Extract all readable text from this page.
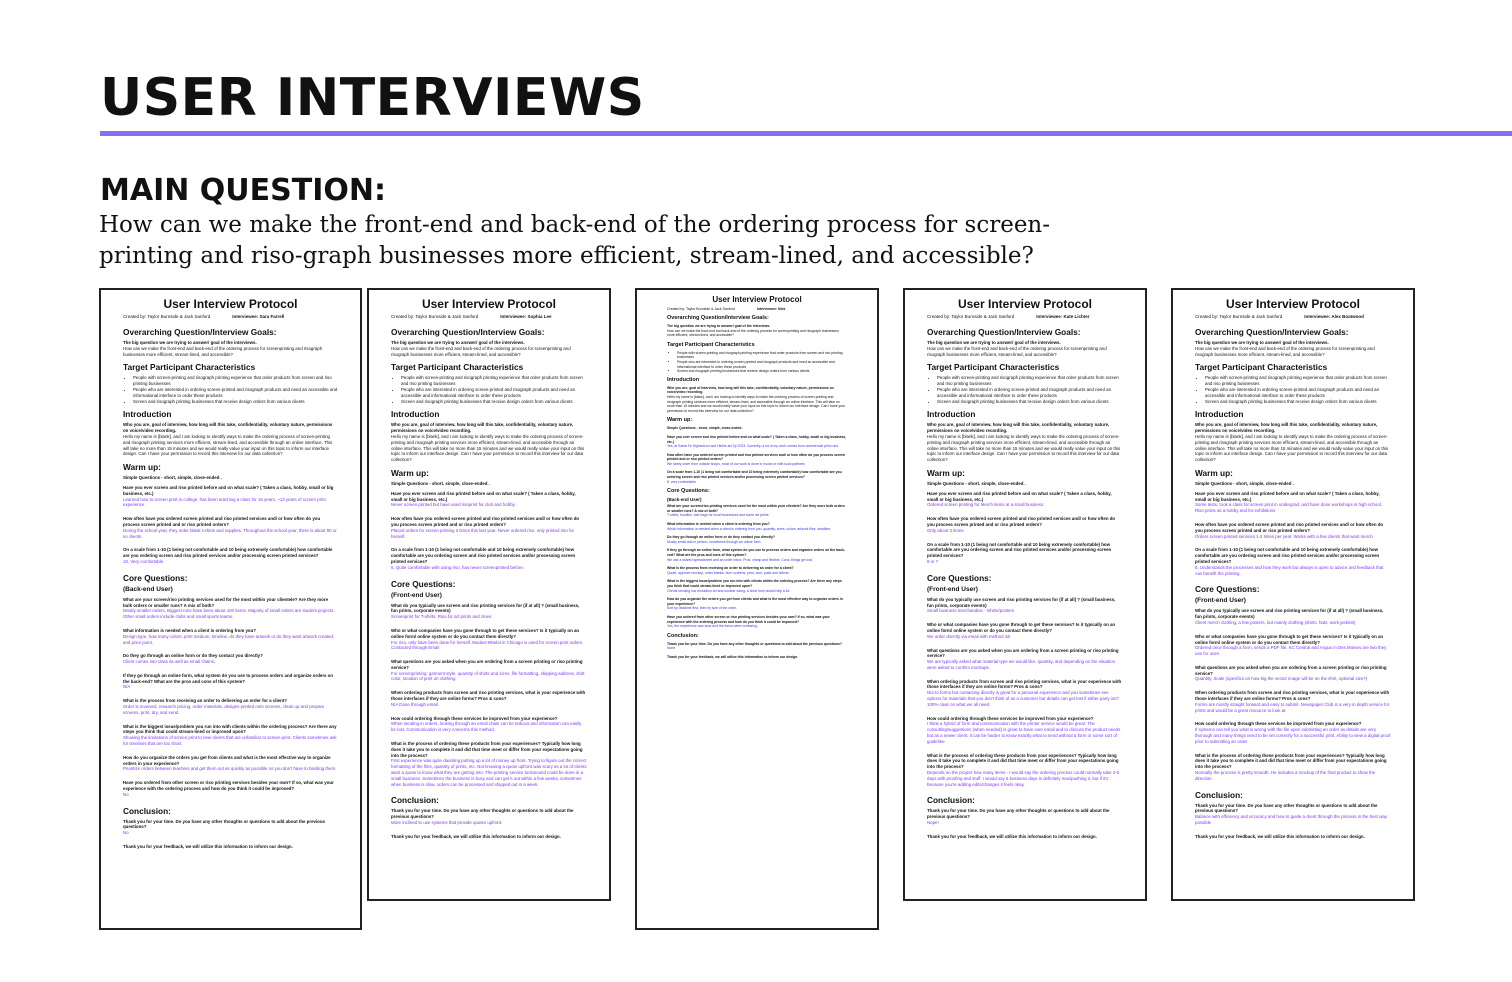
USER INTERVIEWS
MAIN QUESTION:

How can we make the front-end and back-end of the ordering process for screen-printing and riso-graph businesses more efficient, stream-lined, and accessible?

User Interview Protocol

Created by: Taylor Burnside & Jack Sanford	Interviewee: Sara Farrell

Overarching Question/Interview Goals:

The big question we are trying to answer/ goal of the interviews.

How can we make the front-end and back-end of the ordering process for screenprinting and risograph businesses more efficient, stream-lined, and accessible?

Target Participant Characteristics

• People with screen-printing and risograph printing experience that order products from screen and riso printing businesses
• People who are interested in ordering screen-printed and risograph products and need an accessible and informational interface to order these products
• Screen and risograph printing businesses that receive design orders from various clients

Introduction

Who you are, goal of interview, how long will this take, confidentiality, voluntary nature, permissions on voice/video recording.

Hello my name is [blank], and I am looking to identify ways to make the ordering process of screen-printing and risograph printing services more efficient, stream-lined, and accessible through an online interface. This will take no more than 15 minutes and we would really value your input on this topic to inform our interface design. Can I have your permission to record this interview for our data collection?

Warm up:

Simple Questions - short, simple, close-ended .

Have you ever screen and riso printed before and on what scale? ( Taken a class, hobby, small or big business, etc.)

Learned how to screen print in college. has been teaching a class for 15 years, ~13 years of screen print experience

How often have you ordered screen printed and riso printed services and/ or how often do you process screen printed and or riso printed orders?

During the school year, they order blank t-shirts and supplies. Throughout the school year, there is about 80 or so clients

On a scale from 1-10 (1 being not comfortable and 10 being extremely comfortable) how comfortable are you ordering screen and riso printed services and/or processing screen printed services?

10, Very comfortable

Core Questions:

(Back-end User)

What are your screen/riso printing services used for the most within your clientele? Are they more bulk orders or smaller runs? A mix of both?

Mostly smaller orders, Biggest runs have been about 100 items. Majority of small orders are student projects. Other small orders include clubs and small sports teams.

What information is needed when a client is ordering from you?

Design type, how many colors, print medium, timeline, do they have artwork or do they want artwork created, and price point.

Do they go through an online form or do they contact you directly?

Client comes into class as well as email chains.

If they go through an online form, what system do you use to process orders and organize orders on the back-end? What are the pros and cons of this system?

N/A

What is the process from receiving an order to delivering an order for a client?

Order is received, research pricing, order materials, designs printed onto screens, clean up and prepare screens, print, dry, and send.

What is the biggest issue/problem you run into with clients within the ordering process? Are there any steps you think that could stream-lined or improved upon?

Showing the limitations of screen print to new clients that are unfamiliar to screen print. Clients sometimes ask for timelines that are too short.

How do you organize the orders you get from clients and what is the most effective way to organize orders in your experience?

Prioritize orders between teachers and get them out as quickly as possible so you don't have to backlog them.

Have you ordered from other screen or riso printing services besides your own? If so, what was your experience with the ordering process and how do you think it could be improved?

No

Conclusion:

Thank you for your time. Do you have any other thoughts or questions to add about the previous questions?

No

Thank you for your feedback, we will utilize this information to inform our design.

User Interview Protocol

Created by: Taylor Burnside & Jack Sanford	Interviewee: Sophia Lee

Overarching Question/Interview Goals:

The big question we are trying to answer/ goal of the interviews.

How can we make the front-end and back-end of the ordering process for screenprinting and risograph businesses more efficient, stream-lined, and accessible?

Target Participant Characteristics

• People with screen-printing and risograph printing experience that order products from screen and riso printing businesses
• People who are interested in ordering screen-printed and risograph products and need an accessible and informational interface to order these products
• Screen and risograph printing businesses that receive design orders from various clients

Introduction

Who you are, goal of interview, how long will this take, confidentiality, voluntary nature, permissions on voice/video recording.

Hello my name is [blank], and I am looking to identify ways to make the ordering process of screen-printing and risograph printing services more efficient, stream-lined, and accessible through an online interface. This will take no more than 15 minutes and we would really value your input on this topic to inform our interface design. Can I have your permission to record this interview for our data collection?

Warm up:

Simple Questions - short, simple, close-ended .

Have you ever screen and riso printed before and on what scale? ( Taken a class, hobby, small or big business, etc.)

Never screen printed but have used risoprint for club and hobby.

How often have you ordered screen printed and riso printed services and/ or how often do you process screen printed and or riso printed orders?

Placed orders for screen printing 3 times this last year. Never ordered riso, only printed riso for herself.

On a scale from 1-10 (1 being not comfortable and 10 being extremely comfortable) how comfortable are you ordering screen and riso printed services and/or processing screen printed services?

6, Quite comfortable with using riso, has never screenprinted before.

Core Questions:

(Front-end User)

What do you typically use screen and riso printing services for (if at all) ? (small business, fun prints, corporate events)

Screenprint for T-shirts. Riso for art prints and zines.

Who or what companies have you gone through to get these services? Is it typically on an online form/ online system or do you contact them directly?

For riso, only have been done for herself. Modest Mitelot in Chicago is used for screen print orders. Contacted through Email

What questions are you asked when you are ordering from a screen printing or riso printing service?

For screenprinting: garment style, quantity of shirts and sizes, file formatting, shipping address, shirt color, location of print on clothing.

When ordering products from screen and riso printing services, what is your experience with those interfaces if they are online forms? Pros & cons?

N/A Done through email.

How could ordering through these services be improved from your experience?

When sending in orders, looking through an email chain can be tedious and information can easily be lost. Communication is very concerns this method.

What is the process of ordering these products from your experiences? Typically how long does it take you to complete it and did that time meet or differ from your expectations going into the process?

First experience was quite daunting putting up a lot of money up front. Trying to figure out the correct formatting of the files, quantity of prints, etc. Not knowing a quote upfront was scary as a lot of clients want a quote to know what they are getting into. The printing service turnaround could be done in a small business. Sometimes the business is busy and can get it out within a few weeks, sometimes when business is slow, orders can be processed and shipped out in a week.

Conclusion:

Thank you for your time. Do you have any other thoughts or questions to add about the previous questions?

More inclined to use systems that provide quotes upfront.

Thank you for your feedback, we will utilize this information to inform our design.

User Interview Protocol

Created by: Taylor Burnside & Jack Sanford	Interviewee: Nick

Overarching Question/Interview Goals:

The big question we are trying to answer/ goal of the interviews.

How can we make the front-end and back-end of the ordering process for screenprinting and risograph businesses more efficient, stream-lined, and accessible?

Target Participant Characteristics

• People with screen-printing and risograph printing experience that order products from screen and riso printing businesses
• People who are interested in ordering screen-printed and risograph products and need an accessible and informational interface to order these products
• Screen and risograph printing businesses that receive design orders from various clients

Introduction

Who you are, goal of interview, how long will this take, confidentiality, voluntary nature, permissions on voice/video recording.

Hello my name is [blank], and I am looking to identify ways to make the ordering process of screen-printing and risograph printing services more efficient, stream-lined, and accessible through an online interface. This will take no more than 15 minutes and we would really value your input on this topic to inform our interface design. Can I have your permission to record this interview for our data collection?

Warm up:

Simple Questions - short, simple, close-ended .

Have you ever screen and riso printed before and on what scale? ( Taken a class, hobby, small or big business, etc.)

Yes, at Santa Fe Highschool and Hinkle art Sp 2023. Currently, a lot of my work comes from commercial print runs

How often have you ordered screen printed and riso printed services and/ or how often do you process screen printed and or riso printed orders?

We rarely order from outside shops, most of our work is done in house or with local partners

On a scale from 1-10 (1 being not comfortable and 10 being extremely comfortable) how comfortable are you ordering screen and riso printed services and/or processing screen printed services?

8, very comfortable

Core Questions:

(Back-end User)

What are your screen/riso printing services used for the most within your clientele? Are they more bulk orders or smaller runs? A mix of both?

T-shirts, hoodies, tote bags for local businesses and some art prints.

What information is needed when a client is ordering from you?

Which information is needed when a client is ordering from you: quantity, sizes, colors, artwork files, deadline.

Do they go through an online form or do they contact you directly?

Mostly email and in person, sometimes through an online form.

If they go through an online form, what system do you use to process orders and organize orders on the back-end? What are the pros and cons of this system?

We use a shared spreadsheet and an order inbox. Pros: cheap and flexible. Cons: things get lost.

What is the process from receiving an order to delivering an order for a client?

Quote, approve mockup, order blanks, burn screens, print, cure, pack and deliver.

What is the biggest issue/problem you run into with clients within the ordering process? Are there any steps you think that could stream-lined or improved upon?

Clients sending low resolution art and unclear sizing. A clear form would help a lot.

How do you organize the orders you get from clients and what is the most effective way to organize orders in your experience?

Sort by deadline first, then by size of the order.

Have you ordered from other screen or riso printing services besides your own? If so, what was your experience with the ordering process and how do you think it could be improved?

Yes, the experience was slow and the forms were confusing.

Conclusion:

Thank you for your time. Do you have any other thoughts or questions to add about the previous questions?

None

Thank you for your feedback, we will utilize this information to inform our design.

User Interview Protocol

Created by: Taylor Burnside & Jack Sanford	Interviewee: Kate Lichter

Overarching Question/Interview Goals:

The big question we are trying to answer/ goal of the interviews.

How can we make the front-end and back-end of the ordering process for screenprinting and risograph businesses more efficient, stream-lined, and accessible?

Target Participant Characteristics

• People with screen-printing and risograph printing experience that order products from screen and riso printing businesses
• People who are interested in ordering screen-printed and risograph products and need an accessible and informational interface to order these products
• Screen and risograph printing businesses that receive design orders from various clients

Introduction

Who you are, goal of interview, how long will this take, confidentiality, voluntary nature, permissions on voice/video recording.

Hello my name is [blank], and I am looking to identify ways to make the ordering process of screen-printing and risograph printing services more efficient, stream-lined, and accessible through an online interface. This will take no more than 15 minutes and we would really value your input on this topic to inform our interface design. Can I have your permission to record this interview for our data collection?

Warm up:

Simple Questions - short, simple, close-ended .

Have you ever screen and riso printed before and on what scale? ( Taken a class, hobby, small or big business, etc.)

Ordered screen printing for Merch items at a small business.

How often have you ordered screen printed and riso printed services and/ or how often do you process screen printed and or riso printed orders?

Only about 3 times

On a scale from 1-10 (1 being not comfortable and 10 being extremely comfortable) how comfortable are you ordering screen and riso printed services and/or processing screen printed services?

8 or 7

Core Questions:

(Front-end User)

What do you typically use screen and riso printing services for (if at all) ? (small business, fun prints, corporate events)

Small business merchandise - tshirts/posters

Who or what companies have you gone through to get these services? Is it typically on an online form/ online system or do you contact them directly?

We order directly via email with method ink

What questions are you asked when you are ordering from a screen printing or riso printing service?

We are typically asked what material type we would like, quantity, and depending on the situation were asked to confirm mockups.

When ordering products from screen and riso printing services, what is your experience with those interfaces if they are online forms? Pros & cons?

N/a to forms but contacting directly is great for a personal experience and you sometimes see options for materials that you don't think of as a customer but details can get lost if either party isn't 100% clear on what we all need.

How could ordering through these services be improved from your experience?

I think a hybrid of form and communication with the printer service would be great. The consulting/suggestions (when needed) is great to have over email and to discuss the product needs but as a newer client, it can be harder to know exactly what to send without a form or some sort of guideline.

What is the process of ordering these products from your experiences? Typically how long does it take you to complete it and did that time meet or differ from your expectations going into the process?

Depends on the project how many items - I would say the ordering process could normally take 2-5 days with proofing and stuff. I would say 5 business days is definitely max/pushing it, but if it's because you're adding edits/changes it feels okay.

Conclusion:

Thank you for your time. Do you have any other thoughts or questions to add about the previous questions?

Nope!

Thank you for your feedback, we will utilize this information to inform our design.

User Interview Protocol

Created by: Taylor Burnside & Jack Sanford	Interviewee: Alex Boatwood

Overarching Question/Interview Goals:

The big question we are trying to answer/ goal of the interviews.

How can we make the front-end and back-end of the ordering process for screenprinting and risograph businesses more efficient, stream-lined, and accessible?

Target Participant Characteristics

• People with screen-printing and risograph printing experience that order products from screen and riso printing businesses
• People who are interested in ordering screen-printed and risograph products and need an accessible and informational interface to order these products
• Screen and risograph printing businesses that receive design orders from various clients

Introduction

Who you are, goal of interview, how long will this take, confidentiality, voluntary nature, permissions on voice/video recording.

Hello my name is [blank], and I am looking to identify ways to make the ordering process of screen-printing and risograph printing services more efficient, stream-lined, and accessible through an online interface. This will take no more than 15 minutes and we would really value your input on this topic to inform our interface design. Can I have your permission to record this interview for our data collection?

Warm up:

Simple Questions - short, simple, close-ended .

Have you ever screen and riso printed before and on what scale? ( Taken a class, hobby, small or big business, etc.)

Some tests, took a class for screen print in undergrad, and have done workshops in high school. Riso prints as a hobby and for exhibitions

How often have you ordered screen printed and riso printed services and/ or how often do you process screen printed and or riso printed orders?

Orders screen printed services 1-2 times per year. Works with a few clients that want merch

On a scale from 1-10 (1 being not comfortable and 10 being extremely comfortable) how comfortable are you ordering screen and riso printed services and/or processing screen printed services?

8, Understands the processes and how they work but always is open to advice and feedback that can benefit the printing

Core Questions:

(Front-end User)

What do you typically use screen and riso printing services for (if at all) ? (small business, fun prints, corporate events)

Client merch clothing, a few posters, but mainly clothing (shirts, hats, work jackets)

Who or what companies have you gone through to get these services? Is it typically on an online form/ online system or do you contact them directly?

Ordered once through a form, sends a PDF file. KC Central and Angus in Des Moines are two they use for ones

What questions are you asked when you are ordering from a screen printing or riso printing service?

Quantity, Scale (specifics on how big the vector image will be on the shirt, optional size?)

When ordering products from screen and riso printing services, what is your experience with those interfaces if they are online forms? Pros & cons?

Forms are mostly straight forward and easy to submit. Newspaper Club is a very in depth service for prints and would be a great resource to look at

How could ordering through these services be improved from your experience?

If systems can tell you what is wrong with the file upon submitting an order as details are very thorough and many things need to be set correctly for a successful print. Ability to view a digital proof prior to submitting an order

What is the process of ordering these products from your experiences? Typically how long does it take you to complete it and did that time meet or differ from your expectations going into the process?

Normally the process is pretty smooth. He includes a mockup of the final product to show the direction

Conclusion:

Thank you for your time. Do you have any other thoughts or questions to add about the previous questions?

Balance with efficiency and accuracy and how to guide a client through the process in the best way possible

Thank you for your feedback, we will utilize this information to inform our design.
